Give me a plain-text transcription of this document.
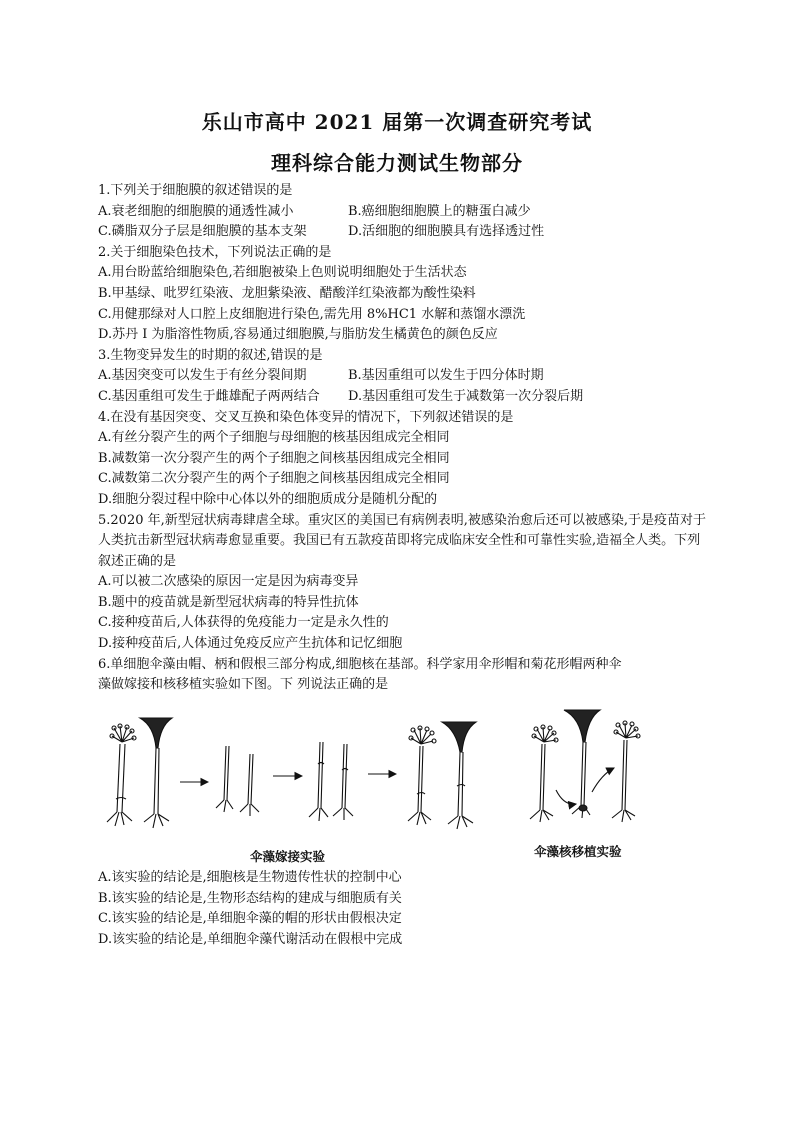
乐山市高中 2021 届第一次调查研究考试
理科综合能力测试生物部分
1.下列关于细胞膜的叙述错误的是
A.衰老细胞的细胞膜的通透性减小	B.癌细胞细胞膜上的糖蛋白减少
C.磷脂双分子层是细胞膜的基本支架	D.活细胞的细胞膜具有选择透过性
2.关于细胞染色技术，下列说法正确的是
A.用台盼蓝给细胞染色,若细胞被染上色则说明细胞处于生活状态
B.甲基绿、吡罗红染液、龙胆紫染液、醋酸洋红染液都为酸性染料
C.用健那绿对人口腔上皮细胞进行染色,需先用 8%HC1 水解和蒸馏水漂洗
D.苏丹 I 为脂溶性物质,容易通过细胞膜,与脂肪发生橘黄色的颜色反应
3.生物变异发生的时期的叙述,错误的是
A.基因突变可以发生于有丝分裂间期	B.基因重组可以发生于四分体时期
C.基因重组可发生于雌雄配子两两结合	D.基因重组可发生于减数第一次分裂后期
4.在没有基因突变、交叉互换和染色体变异的情况下，下列叙述错误的是
A.有丝分裂产生的两个子细胞与母细胞的核基因组成完全相同
B.减数第一次分裂产生的两个子细胞之间核基因组成完全相同
C.减数第二次分裂产生的两个子细胞之间核基因组成完全相同
D.细胞分裂过程中除中心体以外的细胞质成分是随机分配的
5.2020 年,新型冠状病毒肆虐全球。重灾区的美国已有病例表明,被感染治愈后还可以被感染,于是疫苗对于人类抗击新型冠状病毒愈显重要。我国已有五款疫苗即将完成临床安全性和可靠性实验,造福全人类。下列叙述正确的是
A.可以被二次感染的原因一定是因为病毒变异
B.题中的疫苗就是新型冠状病毒的特异性抗体
C.接种疫苗后,人体获得的免疫能力一定是永久性的
D.接种疫苗后,人体通过免疫反应产生抗体和记忆细胞
6.单细胞伞藻由帽、柄和假根三部分构成,细胞核在基部。科学家用伞形帽和菊花形帽两种伞
藻做嫁接和核移植实验如下图。下 列说法正确的是
伞藻嫁接实验	伞藻核移植实验
A.该实验的结论是,细胞核是生物遗传性状的控制中心
B.该实验的结论是,生物形态结构的建成与细胞质有关
C.该实验的结论是,单细胞伞藻的帽的形状由假根决定
D.该实验的结论是,单细胞伞藻代谢活动在假根中完成
